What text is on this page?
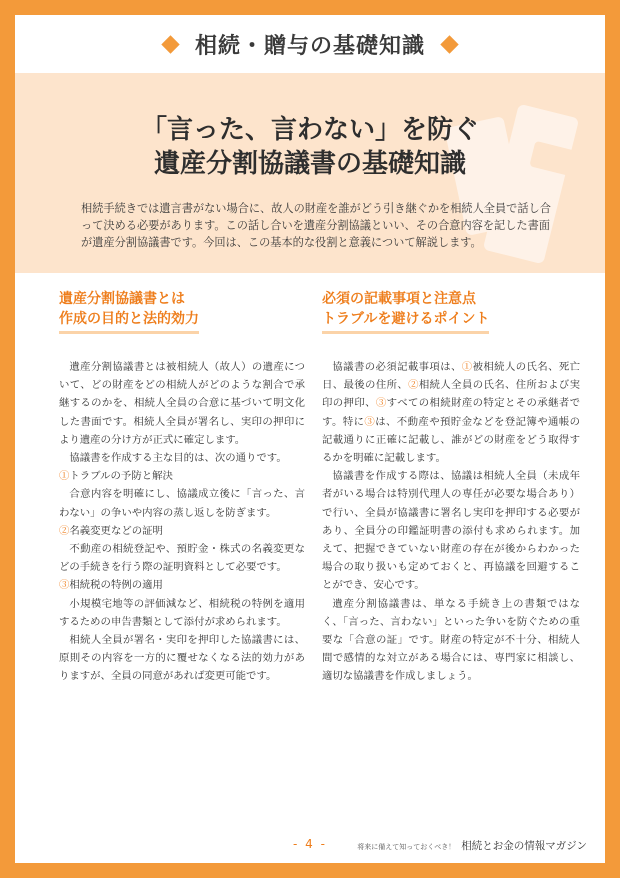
相続・贈与の基礎知識
「言った、言わない」を防ぐ
遺産分割協議書の基礎知識

相続手続きでは遺言書がない場合に、故人の財産を誰がどう引き継ぐかを相続人全員で話し合って決める必要があります。この話し合いを遺産分割協議といい、その合意内容を記した書面が遺産分割協議書です。今回は、この基本的な役割と意義について解説します。

遺産分割協議書とは
作成の目的と法的効力

遺産分割協議書とは被相続人（故人）の遺産について、どの財産をどの相続人がどのような割合で承継するのかを、相続人全員の合意に基づいて明文化した書面です。相続人全員が署名し、実印の押印により遺産の分け方が正式に確定します。

協議書を作成する主な目的は、次の通りです。

①トラブルの予防と解決

合意内容を明確にし、協議成立後に「言った、言わない」の争いや内容の蒸し返しを防ぎます。

②名義変更などの証明

不動産の相続登記や、預貯金・株式の名義変更などの手続きを行う際の証明資料として必要です。

③相続税の特例の適用

小規模宅地等の評価減など、相続税の特例を適用するための申告書類として添付が求められます。

相続人全員が署名・実印を押印した協議書には、原則その内容を一方的に覆せなくなる法的効力がありますが、全員の同意があれば変更可能です。

必須の記載事項と注意点
トラブルを避けるポイント

協議書の必須記載事項は、①被相続人の氏名、死亡日、最後の住所、②相続人全員の氏名、住所および実印の押印、③すべての相続財産の特定とその承継者です。特に③は、不動産や預貯金などを登記簿や通帳の記載通りに正確に記載し、誰がどの財産をどう取得するかを明確に記載します。

協議書を作成する際は、協議は相続人全員（未成年者がいる場合は特別代理人の専任が必要な場合あり）で行い、全員が協議書に署名し実印を押印する必要があり、全員分の印鑑証明書の添付も求められます。加えて、把握できていない財産の存在が後からわかった場合の取り扱いも定めておくと、再協議を回避することができ、安心です。

遺産分割協議書は、単なる手続き上の書類ではなく、「言った、言わない」といった争いを防ぐための重要な「合意の証」です。財産の特定が不十分、相続人間で感情的な対立がある場合には、専門家に相談し、適切な協議書を作成しましょう。

- 4 -	将来に備えて知っておくべき！ 相続とお金の情報マガジン
